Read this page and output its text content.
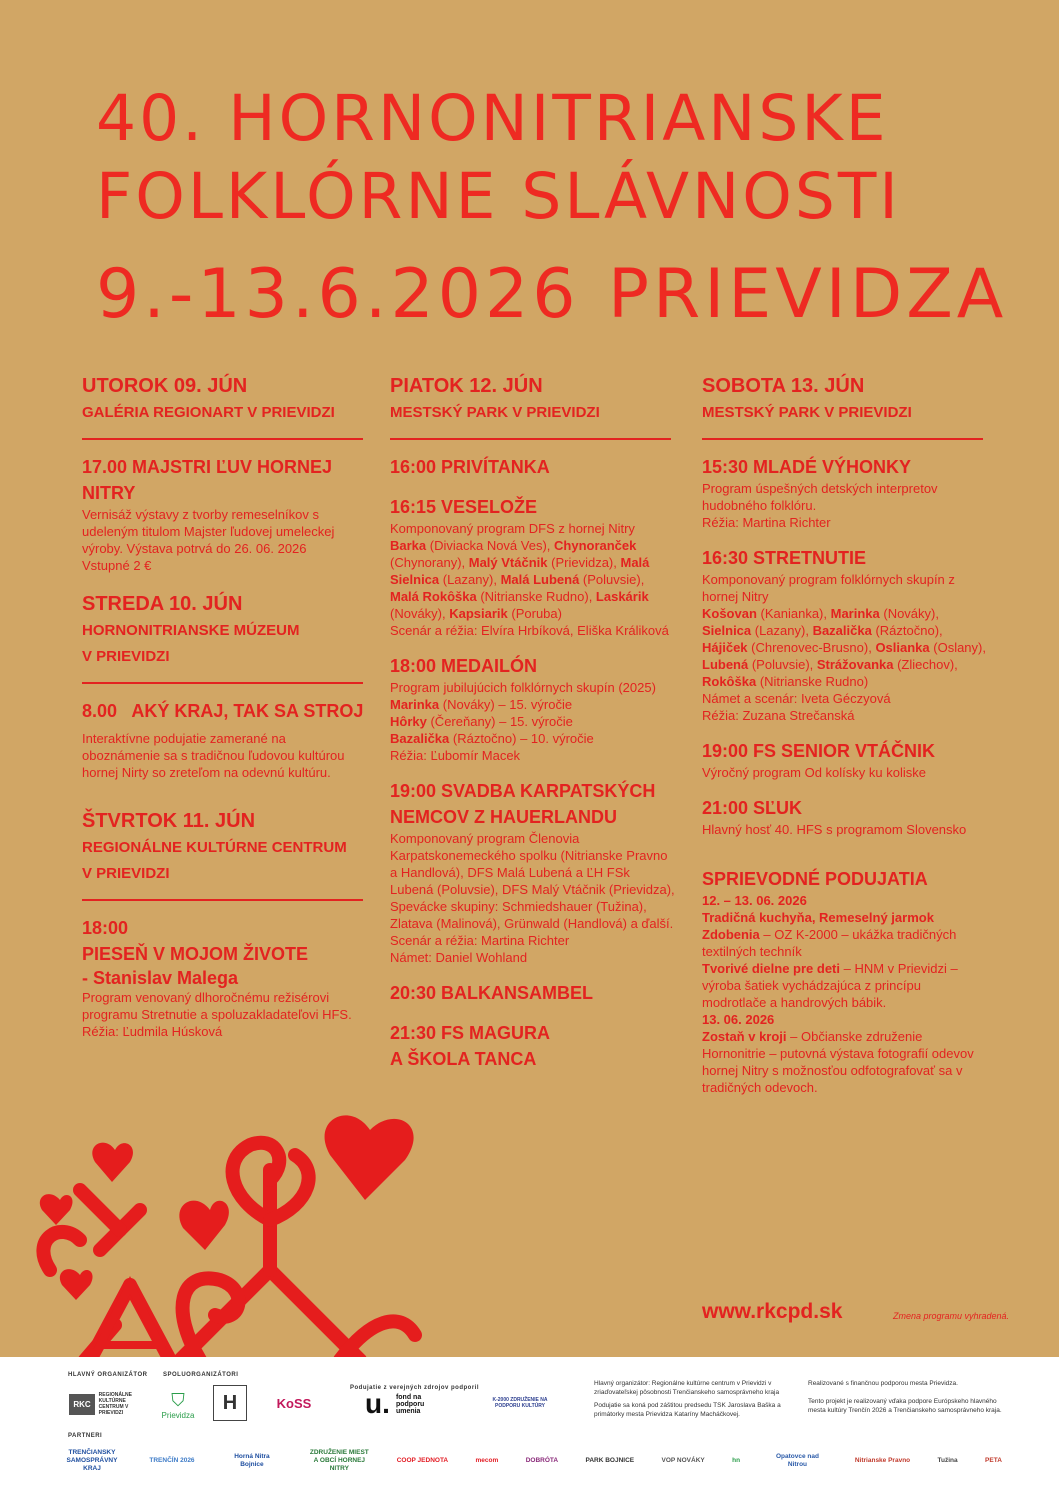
40. HORNONITRIANSKE
FOLKLÓRNE SLÁVNOSTI
9.-13.6.2026 PRIEVIDZA
UTOROK 09. JÚN
GALÉRIA REGIONART V PRIEVIDZI
17.00 MAJSTRI ĽUV HORNEJ
NITRY
Vernisáž výstavy z tvorby remeselníkov s udeleným titulom Majster ľudovej umeleckej výroby. Výstava potrvá do 26. 06. 2026
Vstupné 2 €
STREDA 10. JÚN
HORNONITRIANSKE MÚZEUM
V PRIEVIDZI
8.00   AKÝ KRAJ, TAK SA STROJ
Interaktívne podujatie zamerané na oboznámenie sa s tradičnou ľudovou kultúrou hornej Nirty so zreteľom na odevnú kultúru.
ŠTVRTOK 11. JÚN
REGIONÁLNE KULTÚRNE CENTRUM
V PRIEVIDZI
18:00
PIESEŇ V MOJOM ŽIVOTE
- Stanislav Malega
Program venovaný dlhoročnému režisérovi programu Stretnutie a spoluzakladateľovi HFS.
Réžia: Ľudmila Húsková
PIATOK 12. JÚN
MESTSKÝ PARK V PRIEVIDZI
16:00 PRIVÍTANKA
16:15 VESELOŽE
Komponovaný program DFS z hornej Nitry
Barka (Diviacka Nová Ves), Chynoranček (Chynorany), Malý Vtáčnik (Prievidza), Malá Sielnica (Lazany), Malá Lubená (Poluvsie), Malá Rokôška (Nitrianske Rudno), Laskárik (Nováky), Kapsiarik (Poruba)
Scenár a réžia: Elvíra Hrbíková, Eliška Králiková
18:00 MEDAILÓN
Program jubilujúcich folklórnych skupín (2025)
Marinka (Nováky) – 15. výročie
Hôrky (Čereňany) – 15. výročie
Bazalička (Ráztočno) – 10. výročie
Réžia: Ľubomír Macek
19:00 SVADBA KARPATSKÝCH
NEMCOV Z HAUERLANDU
Komponovaný program Členovia Karpatskonemeckého spolku (Nitrianske Pravno a Handlová), DFS Malá Lubená a ĽH FSk Lubená (Poluvsie), DFS Malý Vtáčnik (Prievidza), Spevácke skupiny: Schmiedshauer (Tužina), Zlatava (Malinová), Grünwald (Handlová) a ďalší.
Scenár a réžia: Martina Richter
Námet: Daniel Wohland
20:30 BALKANSAMBEL
21:30 FS MAGURA
A ŠKOLA TANCA
SOBOTA 13. JÚN
MESTSKÝ PARK V PRIEVIDZI
15:30 MLADÉ VÝHONKY
Program úspešných detských interpretov hudobného folklóru.
Réžia: Martina Richter
16:30 STRETNUTIE
Komponovaný program folklórnych skupín z hornej Nitry
Košovan (Kanianka), Marinka (Nováky), Sielnica (Lazany), Bazalička (Ráztočno), Hájiček (Chrenovec-Brusno), Oslianka (Oslany), Lubená (Poluvsie), Strážovanka (Zliechov), Rokôška (Nitrianske Rudno)
Námet a scenár: Iveta Géczyová
Réžia: Zuzana Strečanská
19:00 FS SENIOR VTÁČNIK
Výročný program Od kolísky ku koliske
21:00 SĽUK
Hlavný hosť 40. HFS s programom Slovensko
SPRIEVODNÉ PODUJATIA
12. – 13. 06. 2026
Tradičná kuchyňa, Remeselný jarmok
Zdobenia – OZ K-2000 – ukážka tradičných textilných techník
Tvorivé dielne pre deti – HNM v Prievidzi – výroba šatiek vychádzajúca z princípu modrotlače a handrových bábik.
13. 06. 2026
Zostaň v kroji – Občianske združenie Hornonitrie – putovná výstava fotografií odevov hornej Nitry s možnosťou odfotografovať sa v tradičných odevoch.
www.rkcpd.sk	Zmena programu vyhradená.
HLAVNÝ ORGANIZÁTOR	SPOLUORGANIZÁTORI
Podujatie z verejných zdrojov podporil
PARTNERI
RKC
REGIONÁLNE KULTÚRNE CENTRUM V PRIEVIDZI
⛉
Prievidza
H	KoSS	u. fond na podporu umenia
K-2000 ZDRUŽENIE NA PODPORU KULTÚRY
Hlavný organizátor: Regionálne kultúrne centrum v Prievidzi v zriaďovateľskej pôsobnosti Trenčianskeho samosprávneho kraja
Podujatie sa koná pod záštitou predsedu TSK Jaroslava Baška a primátorky mesta Prievidza Kataríny Macháčkovej.
Realizované s finančnou podporou mesta Prievidza.
Tento projekt je realizovaný vďaka podpore Európskeho hlavného mesta kultúry Trenčín 2026 a Trenčianskeho samosprávneho kraja.
TRENČIANSKY SAMOSPRÁVNY KRAJ
TRENČÍN 2026
Horná Nitra Bojnice
ZDRUŽENIE MIEST A OBCÍ HORNEJ NITRY
COOP JEDNOTA	mecom	DOBRÓTA	PARK BOJNICE	VOP NOVÁKY	hn
Opatovce nad Nitrou
Nitrianske Pravno	Tužina	PETA
